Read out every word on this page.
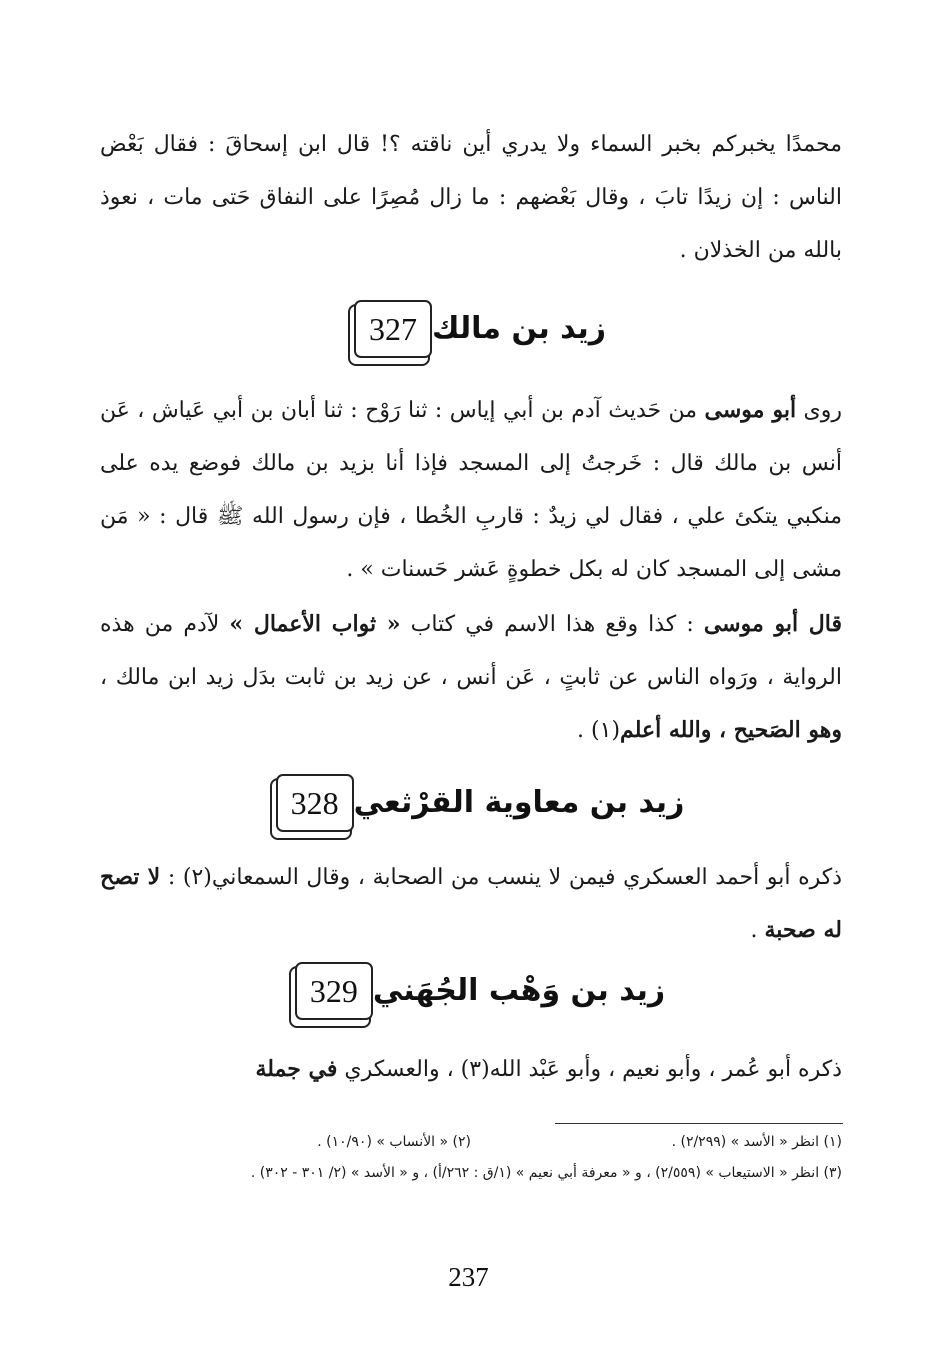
محمدًا يخبركم بخبر السماء ولا يدري أين ناقته ؟! قال ابن إسحاقَ : فقال بَعْض الناس : إن زيدًا تابَ ، وقال بَعْضهم : ما زال مُصِرًا على النفاق حَتى مات ، نعوذ بالله من الخذلان .

327 زيد بن مالك

روى أبو موسى من حَديث آدم بن أبي إياس : ثنا رَوْح : ثنا أبان بن أبي عَياش ، عَن أنس بن مالك قال : خَرجتُ إلى المسجد فإذا أنا بزيد بن مالك فوضع يده على منكبي يتكئ علي ، فقال لي زيدٌ : قاربِ الخُطا ، فإن رسول الله ﷺ قال : « مَن مشى إلى المسجد كان له بكل خطوةٍ عَشر حَسنات » .

قال أبو موسى : كذا وقع هذا الاسم في كتاب « ثواب الأعمال » لآدم من هذه الرواية ، ورَواه الناس عن ثابتٍ ، عَن أنس ، عن زيد بن ثابت بدَل زيد ابن مالك ، وهو الصَحيح ، والله أعلم(١) .

328 زيد بن معاوية القرْثعي

ذكره أبو أحمد العسكري فيمن لا ينسب من الصحابة ، وقال السمعاني(٢) : لا تصح له صحبة .

329 زيد بن وَهْب الجُهَني

ذكره أبو عُمر ، وأبو نعيم ، وأبو عَبْد الله(٣) ، والعسكري في جملة

(١) انظر « الأسد » (٢/٢٩٩) .
(٢) « الأنساب » (١٠/٩٠) .
(٣) انظر « الاستيعاب » (٢/٥٥٩) ، و « معرفة أبي نعيم » (١/ق : ٢٦٢/أ) ، و « الأسد » (٢/ ٣٠١ - ٣٠٢) .
237
